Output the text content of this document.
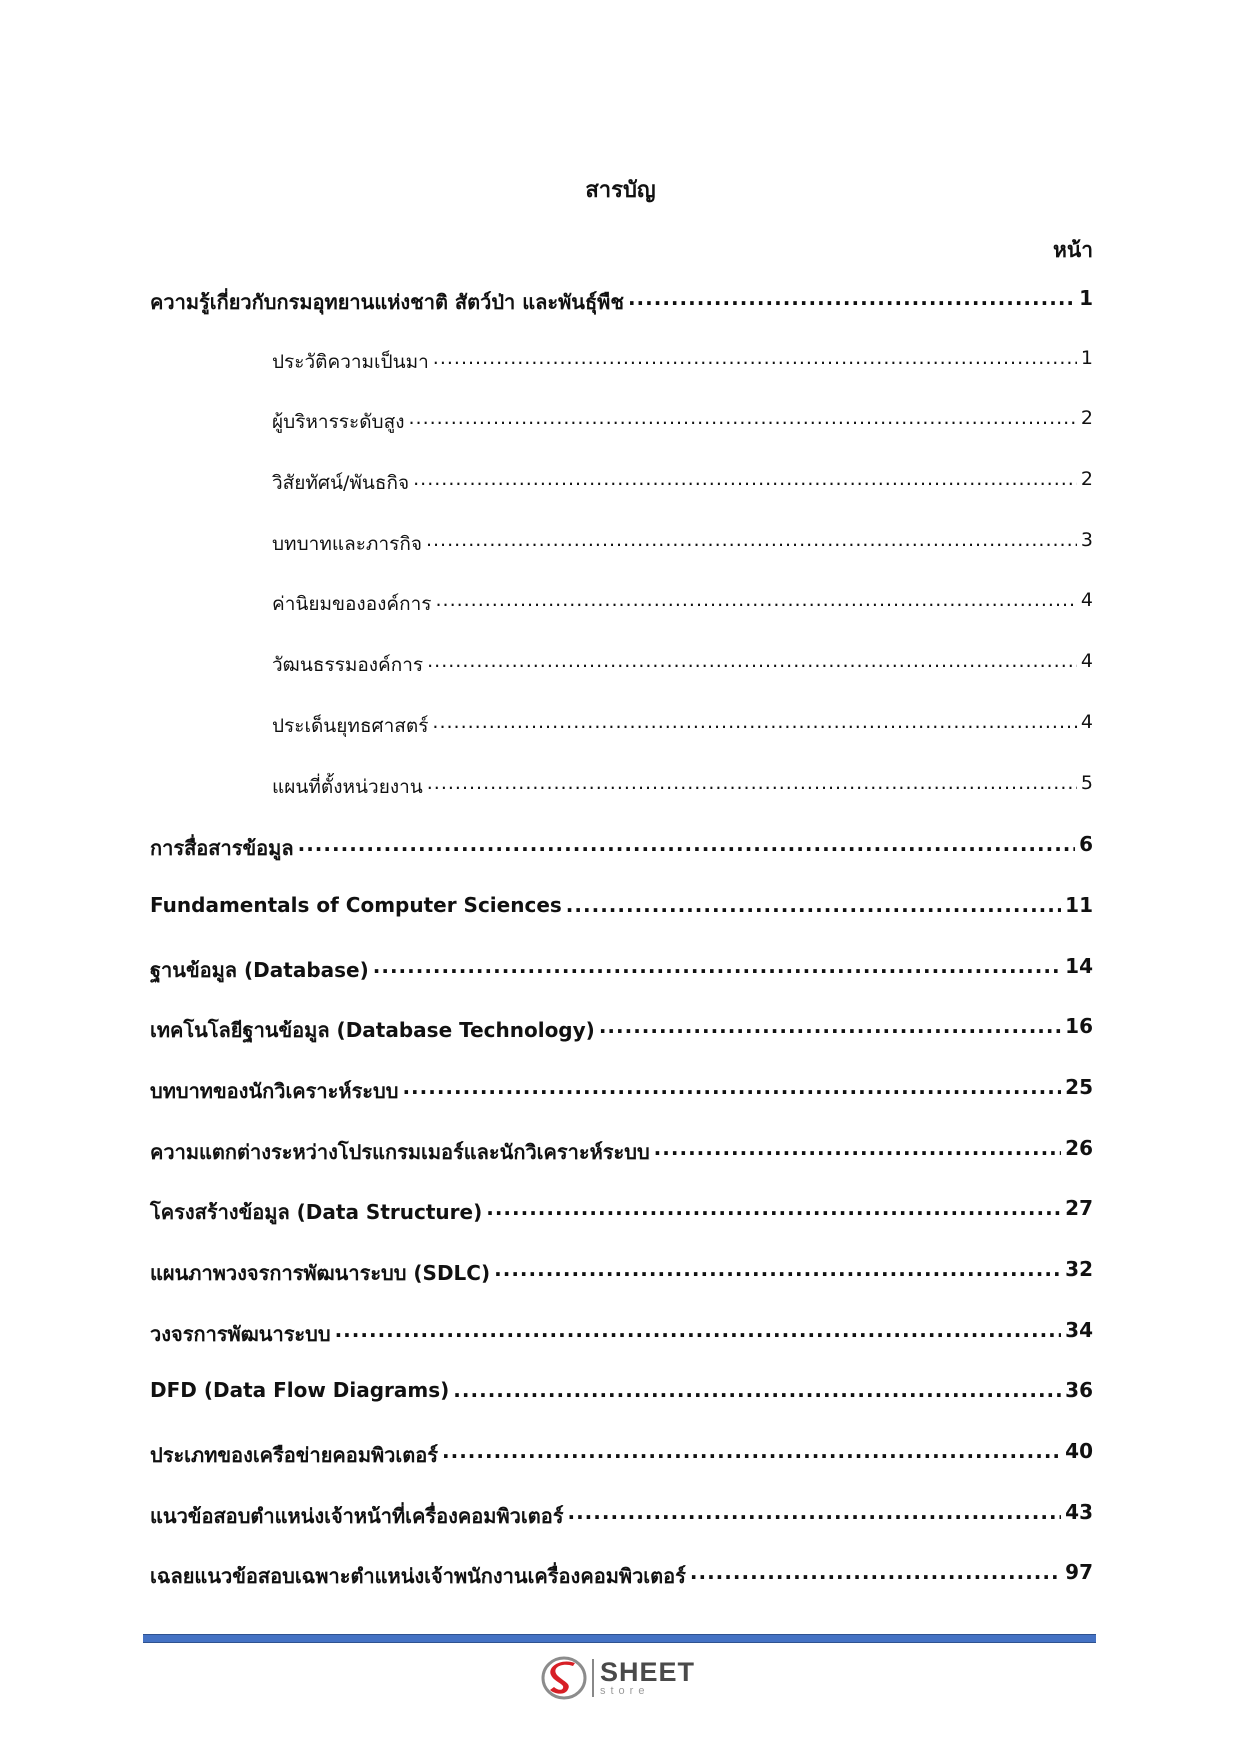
สารบัญ
หน้า
ความรู้เกี่ยวกับกรมอุทยานแห่งชาติ สัตว์ป่า และพันธุ์พืช .....	1
ประวัติความเป็นมา .....	1
ผู้บริหารระดับสูง .....	2
วิสัยทัศน์/พันธกิจ .....	2
บทบาทและภารกิจ .....	3
ค่านิยมขององค์การ .....	4
วัฒนธรรมองค์การ .....	4
ประเด็นยุทธศาสตร์ .....	4
แผนที่ตั้งหน่วยงาน .....	5
การสื่อสารข้อมูล .....	6
Fundamentals of Computer Sciences .....	11
ฐานข้อมูล (Database) .....	14
เทคโนโลยีฐานข้อมูล (Database Technology) .....	16
บทบาทของนักวิเคราะห์ระบบ .....	25
ความแตกต่างระหว่างโปรแกรมเมอร์และนักวิเคราะห์ระบบ .....	26
โครงสร้างข้อมูล (Data Structure) .....	27
แผนภาพวงจรการพัฒนาระบบ (SDLC) .....	32
วงจรการพัฒนาระบบ .....	34
DFD (Data Flow Diagrams) .....	36
ประเภทของเครือข่ายคอมพิวเตอร์ .....	40
แนวข้อสอบตำแหน่งเจ้าหน้าที่เครื่องคอมพิวเตอร์ .....	43
เฉลยแนวข้อสอบเฉพาะตำแหน่งเจ้าพนักงานเครื่องคอมพิวเตอร์ .....	97
SHEET
store
